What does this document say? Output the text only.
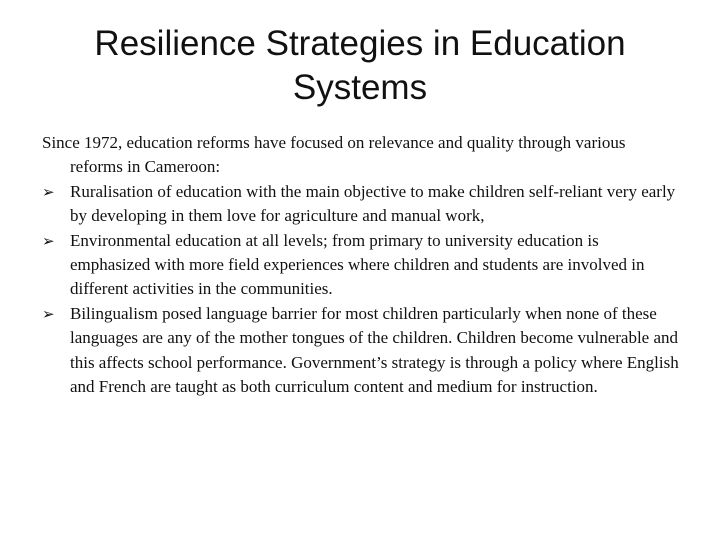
Resilience Strategies in Education Systems

Since 1972, education reforms have focused on relevance and quality through various reforms in Cameroon:

➢ Ruralisation of education with the main objective to make children self-reliant very early by developing in them love for agriculture and manual work,
➢ Environmental education at all levels; from primary to university education is emphasized with more field experiences where children and students are involved in different activities in the communities.
➢ Bilingualism posed language barrier for most children particularly when none of these languages are any of the mother tongues of the children. Children become vulnerable and this affects school performance. Government’s strategy is through a policy where English and French are taught as both curriculum content and medium for instruction.
